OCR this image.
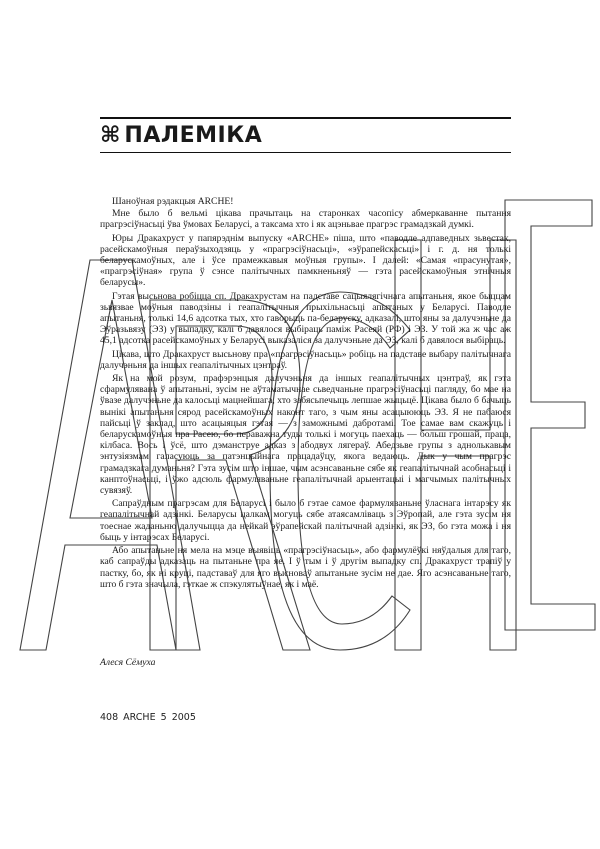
⌘ ПАЛЕМІКА

Шаноўная рэдакцыя ARCHE!

Мне было б вельмі цікава прачытаць на старонках часопісу абмеркаванне пытання прагрэсіўнасьці ўва ўмовах Беларусі, а таксама хто і як ацэньвае прагрэс грамадзкай думкі.

Юры Дракахруст у папярэднім выпуску «ARCHE» піша, што «паводле адпаведных зьвестак, расейскамоўныя пераўзыходзяць у «прагрэсіўнасьці», «эўрапейскасьці» і г. д. ня толькі беларускамоўных, але і ўсе прамежкавыя моўныя групы». І далей: «Самая «прасунутая», «прагрэсіўная» група ў сэнсе палітычных памкненьняў — гэта расейскамоўныя этнічныя беларусы».

Гэтая высьнова робіцца сп. Дракахрустам на падставе сацыялягічнага апытаньня, якое быццам зьвязвае моўныя паводзіны і геапалітычныя прыхільнасьці апытаных у Беларусі. Паводле апытаньня, толькі 14,6 адсотка тых, хто гаворыць па-беларуску, адказалі, што яны за далучэньне да Эўразьвязу (ЭЗ) у выпадку, калі б давялося выбіраць паміж Расеяй (РФ) і ЭЗ. У той жа ж час аж 45,1 адсотка расейскамоўных у Беларусі выказаліся за далучэньне да ЭЗ, калі б давялося выбіраць.

Цікава, што Дракахруст высьнову пра «прагрэсіўнасьць» робіць на падставе выбару палітычнага далучэньня да іншых геапалітычных цэнтраў.

Як на мой розум, прафэрэнцыя далучэньня да іншых геапалітычных цэнтраў, як гэта сфармулявана ў апытаньні, зусім не аўтаматычнае сьведчаньне прагрэсіўнасьці пагляду, бо мае на ўвазе далучэньне да калосьці мацнейшага, хто забясьпечыць лепшае жыцьцё. Цікава было б бачыць вынікі апытаньня сярод расейскамоўных наконт таго, з чым яны асацыююць ЭЗ. Я не пабаюся пайсьці ў заклад, што асацыяцыя гэтая — з заможнымі дабротамі. Тое самае вам скажуць і беларускамоўныя пра Расею, бо пераважна туды толькі і могуць паехаць — больш грошай, праца, кілбаса. Вось і ўсё, што дэманструе адказ з абодвух лягераў. Абедзьве групы з аднолькавым энтузіязмам галасуюць за патэнцыйнага працадаўцу, якога ведаюць. Дык у чым прагрэс грамадзкага думаньня? Гэта зусім што іншае, чым асэнсаваньне сябе як геапалітычнай асобнасьці і канптоўнасьці, і ўжо адсюль фармуляваньне геапалітычнай арыентацыі і магчымых палітычных сувязяў.

Сапраўдным прагрэсам для Беларусі і было б гэтае самое фармуляваньне ўласнага інтарэсу як геапалітычнай адзінкі. Беларусы цалкам могуць сябе атаясамліваць з Эўропай, але гэта зусім ня тоеснае жаданьню далучыцца да нейкай эўрапейскай палітычнай адзінкі, як ЭЗ, бо гэта можа і ня быць у інтарэсах Беларусі.

Або апытаньне ня мела на мэце выявіць «прагрэсіўнасьць», або фармулёўкі няўдалыя для таго, каб сапраўды адказаць на пытаньне пра яе. І ў тым і ў другім выпадку сп. Дракахруст трапіў у пастку, бо, як ні круці, падставаў для яго высноваў апытаньне зусім не дае. Яго асэнсаваньне таго, што б гэта значыла, гэткае ж спэкулятыўнае, як і маё.

Алеся Сёмуха
408 ARCHE 5 2005
